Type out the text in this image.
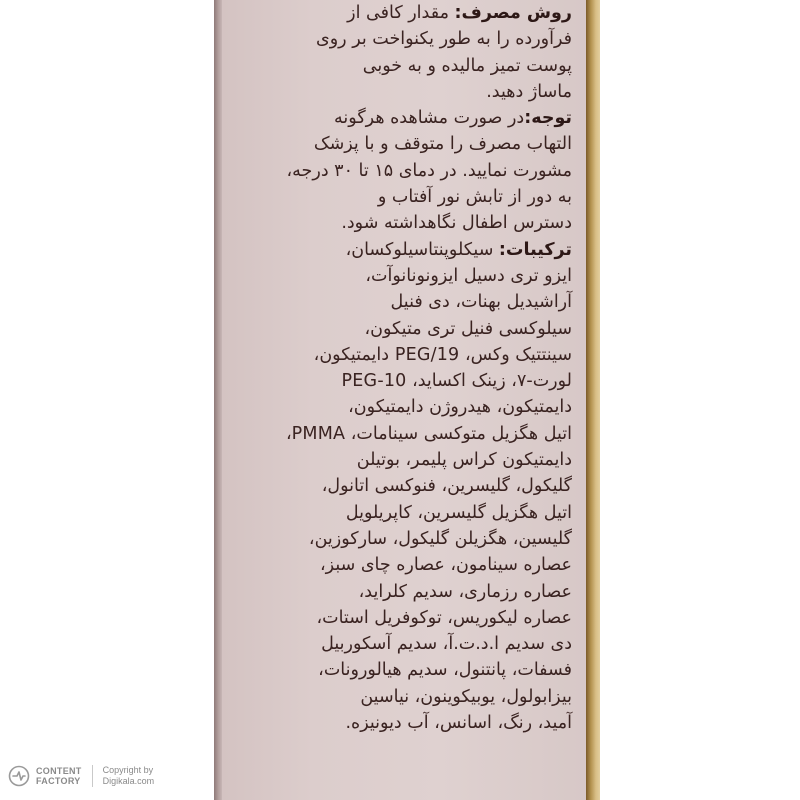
روش مصرف: مقدار کافی از
فرآورده را به طور یکنواخت بر روی
پوست تمیز مالیده و به خوبی
ماساژ دهید.
توجه:در صورت مشاهده هرگونه
التهاب مصرف را متوقف و با پزشک
مشورت نمایید. در دمای ۱۵ تا ۳۰ درجه،
به دور از تابش نور آفتاب و
دسترس اطفال نگاهداشته شود.
ترکیبات: سیکلوپنتاسیلوکسان،
ایزو تری دسیل ایزونونانوآت،
آراشیدیل بهنات، دی فنیل
سیلوکسی فنیل تری متیکون،
سینتتیک وکس، PEG/19 دایمتیکون،
لورت-۷، زینک اکساید، PEG-10
دایمتیکون، هیدروژن دایمتیکون،
اتیل هگزیل متوکسی سینامات، PMMA،
دایمتیکون کراس پلیمر، بوتیلن
گلیکول، گلیسرین، فنوکسی اتانول،
اتیل هگزیل گلیسرین، کاپریلویل
گلیسین، هگزیلن گلیکول، سارکوزین،
عصاره سینامون، عصاره چای سبز،
عصاره رزماری، سدیم کلراید،
عصاره لیکوریس، توکوفریل استات،
دی سدیم ا.د.ت.آ، سدیم آسکوربیل
فسفات، پانتنول، سدیم هیالورونات،
بیزابولول، یوبیکوینون، نیاسین
آمید، رنگ، اسانس، آب دیونیزه.
CONTENT
FACTORY
Copyright by
Digikala.com
